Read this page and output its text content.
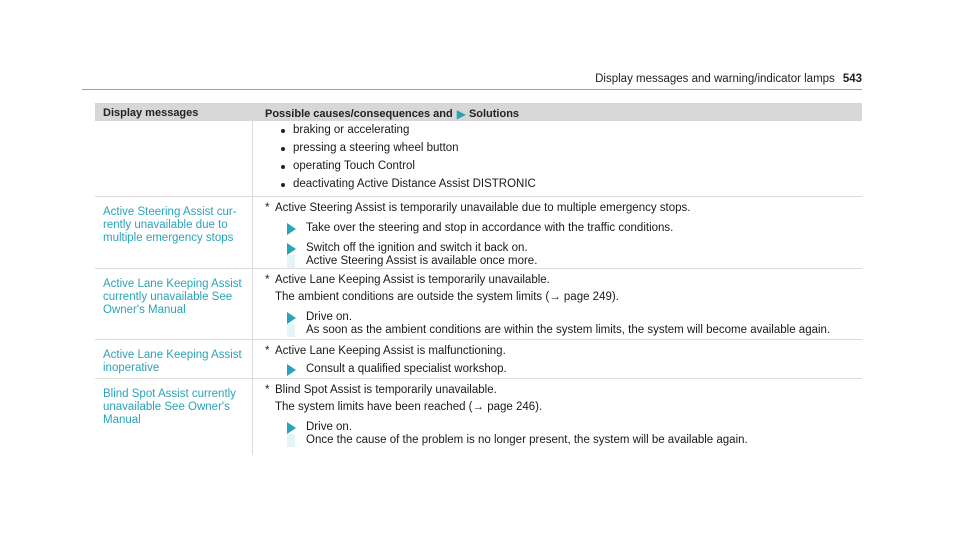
Display messages and warning/indicator lamps 543
Display messages	Possible causes/consequences and ▶ Solutions
braking or accelerating
pressing a steering wheel button
operating Touch Control
deactivating Active Distance Assist DISTRONIC
Active Steering Assist currently unavailable due to multiple emergency stops
* Active Steering Assist is temporarily unavailable due to multiple emergency stops.
Take over the steering and stop in accordance with the traffic conditions.
Switch off the ignition and switch it back on.
Active Steering Assist is available once more.
Active Lane Keeping Assist currently unavailable See Owner's Manual
* Active Lane Keeping Assist is temporarily unavailable.
The ambient conditions are outside the system limits (→ page 249).
Drive on.
As soon as the ambient conditions are within the system limits, the system will become available again.
Active Lane Keeping Assist inoperative
* Active Lane Keeping Assist is malfunctioning.
Consult a qualified specialist workshop.
Blind Spot Assist currently unavailable See Owner's Manual
* Blind Spot Assist is temporarily unavailable.
The system limits have been reached (→ page 246).
Drive on.
Once the cause of the problem is no longer present, the system will be available again.
